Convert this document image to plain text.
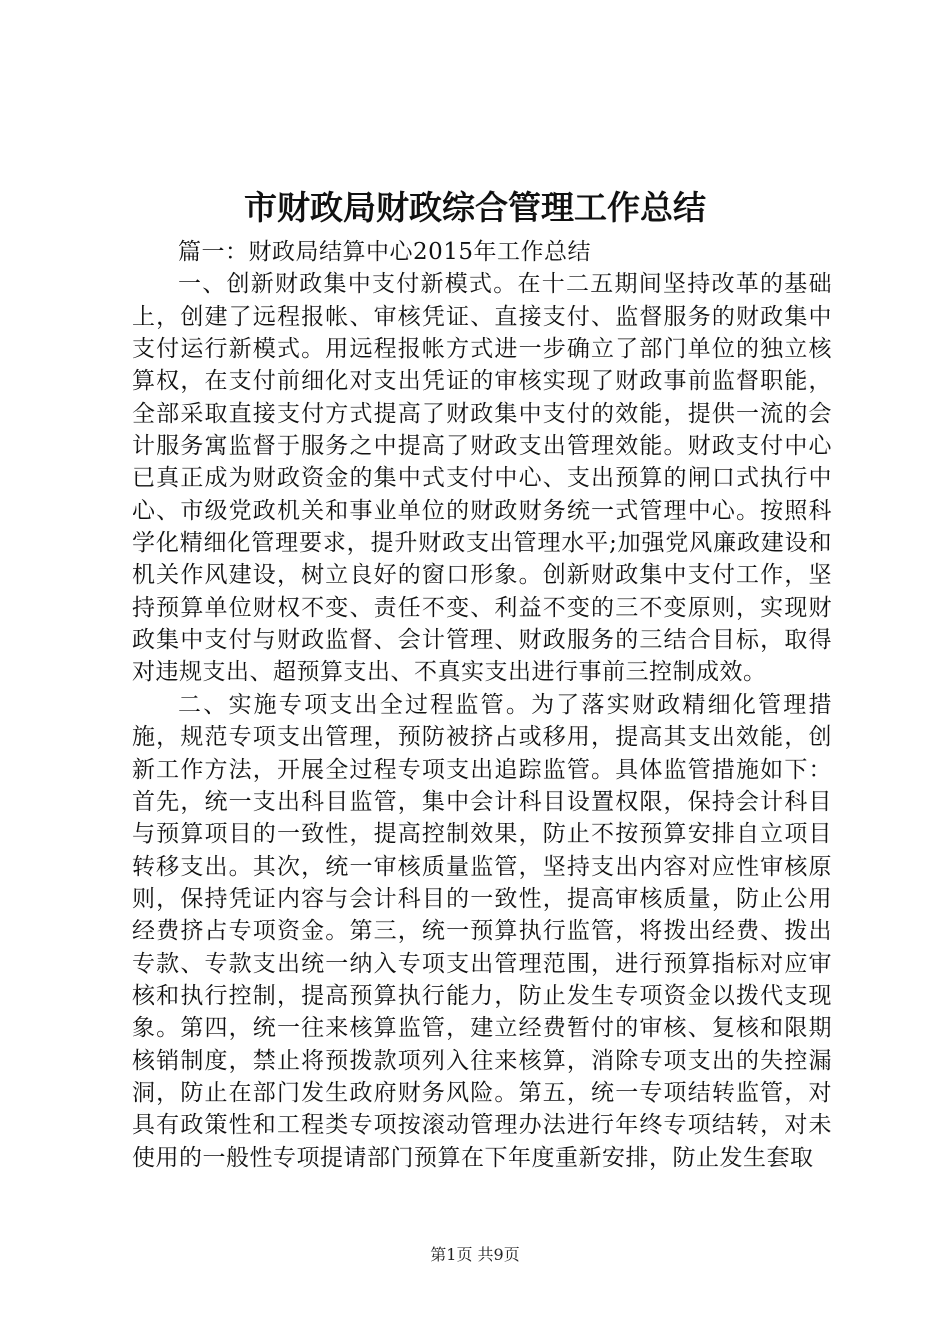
市财政局财政综合管理工作总结

篇一：财政局结算中心2015年工作总结

一、创新财政集中支付新模式。在十二五期间坚持改革的基础上，创建了远程报帐、审核凭证、直接支付、监督服务的财政集中支付运行新模式。用远程报帐方式进一步确立了部门单位的独立核算权，在支付前细化对支出凭证的审核实现了财政事前监督职能，全部采取直接支付方式提高了财政集中支付的效能，提供一流的会计服务寓监督于服务之中提高了财政支出管理效能。财政支付中心已真正成为财政资金的集中式支付中心、支出预算的闸口式执行中心、市级党政机关和事业单位的财政财务统一式管理中心。按照科学化精细化管理要求，提升财政支出管理水平;加强党风廉政建设和机关作风建设，树立良好的窗口形象。创新财政集中支付工作，坚持预算单位财权不变、责任不变、利益不变的三不变原则，实现财政集中支付与财政监督、会计管理、财政服务的三结合目标，取得对违规支出、超预算支出、不真实支出进行事前三控制成效。

二、实施专项支出全过程监管。为了落实财政精细化管理措施，规范专项支出管理，预防被挤占或移用，提高其支出效能，创新工作方法，开展全过程专项支出追踪监管。具体监管措施如下：首先，统一支出科目监管，集中会计科目设置权限，保持会计科目与预算项目的一致性，提高控制效果，防止不按预算安排自立项目转移支出。其次，统一审核质量监管，坚持支出内容对应性审核原则，保持凭证内容与会计科目的一致性，提高审核质量，防止公用经费挤占专项资金。第三，统一预算执行监管，将拨出经费、拨出专款、专款支出统一纳入专项支出管理范围，进行预算指标对应审核和执行控制，提高预算执行能力，防止发生专项资金以拨代支现象。第四，统一往来核算监管，建立经费暂付的审核、复核和限期核销制度，禁止将预拨款项列入往来核算，消除专项支出的失控漏洞，防止在部门发生政府财务风险。第五，统一专项结转监管，对具有政策性和工程类专项按滚动管理办法进行年终专项结转，对未使用的一般性专项提请部门预算在下年度重新安排，防止发生套取

第1页 共9页
